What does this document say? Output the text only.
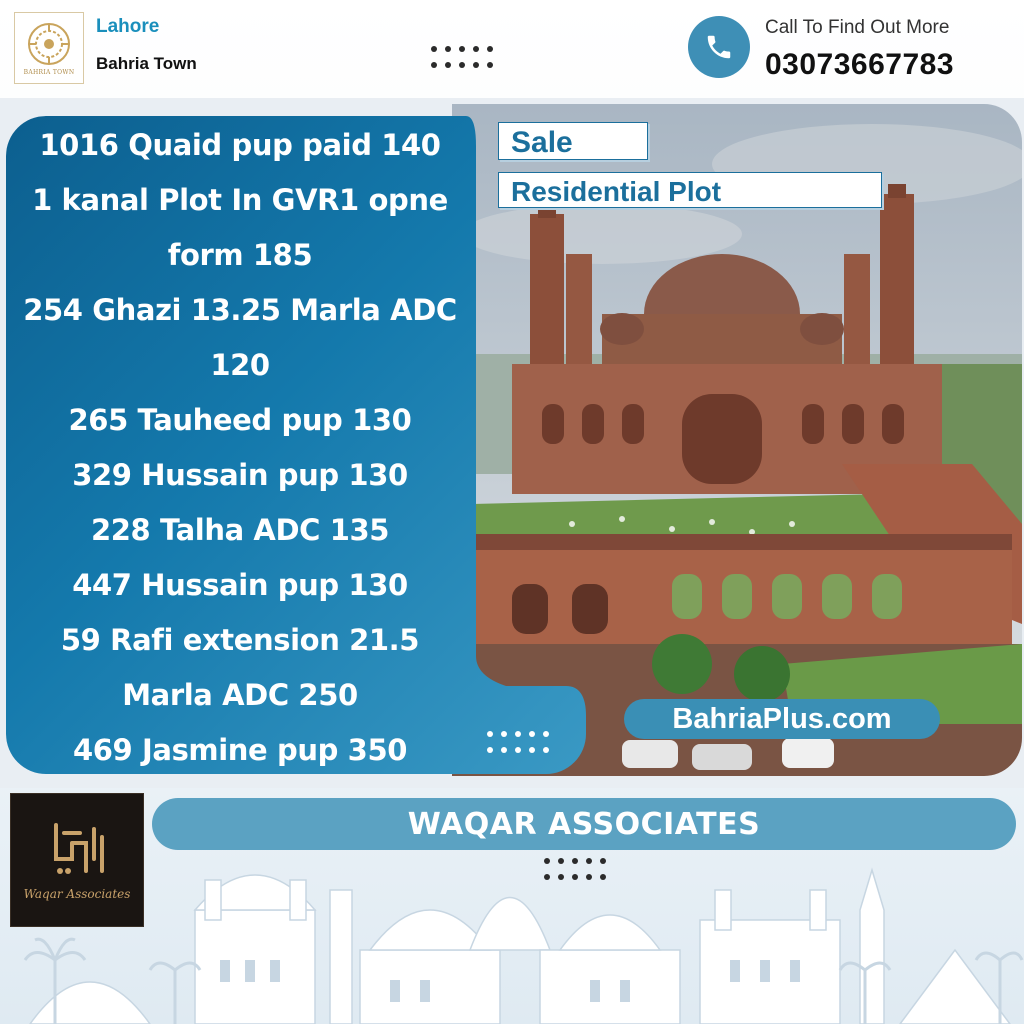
BAHRIA TOWN
Lahore
Bahria Town
Call To Find Out More
03073667783
1016 Quaid pup paid 140
1 kanal Plot In GVR1 opne
form 185
254 Ghazi 13.25 Marla ADC
120
265 Tauheed pup 130
329 Hussain pup 130
228 Talha ADC 135
447 Hussain pup 130
59 Rafi extension 21.5
Marla ADC 250
469 Jasmine pup 350
Sale
Residential Plot
BahriaPlus.com
Waqar Associates
WAQAR ASSOCIATES
